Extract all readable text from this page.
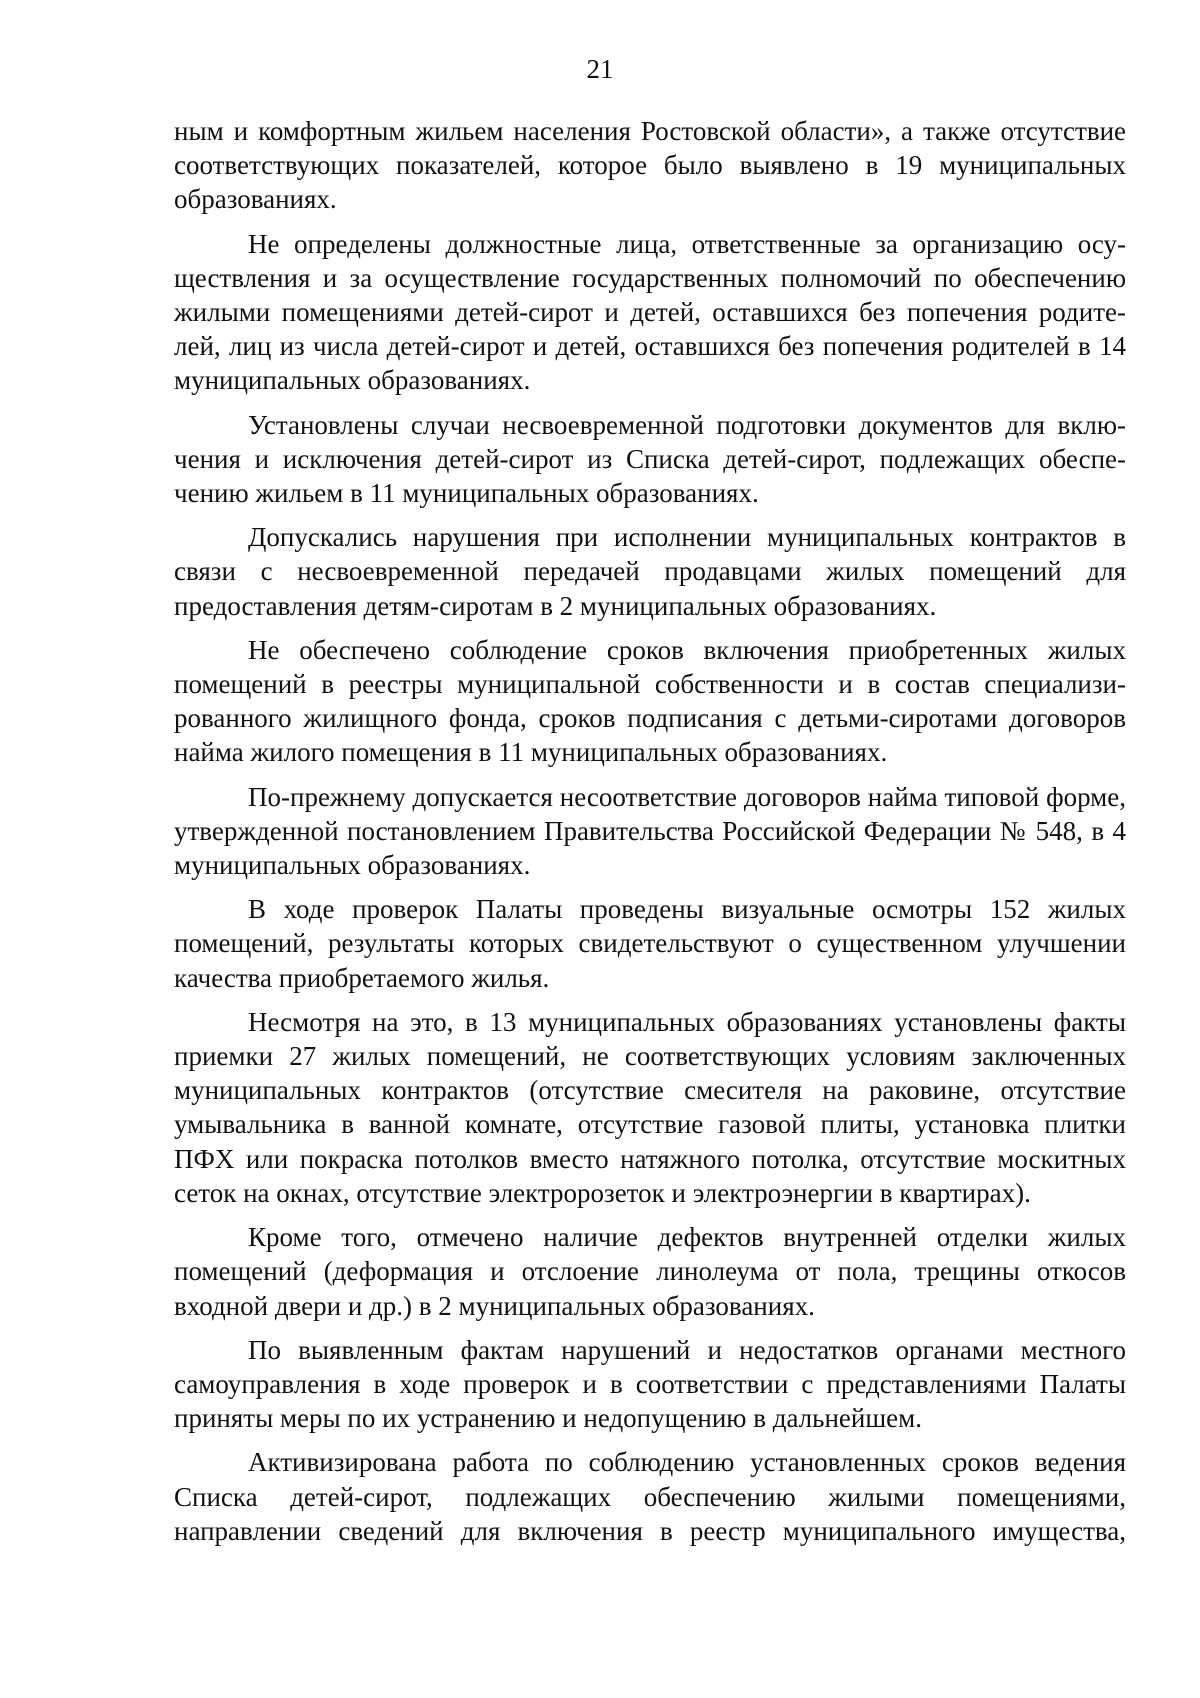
21

ным и комфортным жильем населения Ростовской области», а также отсутствие соответствующих показателей, которое было выявлено в 19 муниципальных образованиях.

Не определены должностные лица, ответственные за организацию осуществления и за осуществление государственных полномочий по обеспечению жилыми помещениями детей-сирот и детей, оставшихся без попечения родителей, лиц из числа детей-сирот и детей, оставшихся без попечения родителей в 14 муниципальных образованиях.

Установлены случаи несвоевременной подготовки документов для включения и исключения детей-сирот из Списка детей-сирот, подлежащих обеспечению жильем в 11 муниципальных образованиях.

Допускались нарушения при исполнении муниципальных контрактов в связи с несвоевременной передачей продавцами жилых помещений для предоставления детям-сиротам в 2 муниципальных образованиях.

Не обеспечено соблюдение сроков включения приобретенных жилых помещений в реестры муниципальной собственности и в состав специализированного жилищного фонда, сроков подписания с детьми-сиротами договоров найма жилого помещения в 11 муниципальных образованиях.

По-прежнему допускается несоответствие договоров найма типовой форме, утвержденной постановлением Правительства Российской Федерации № 548, в 4 муниципальных образованиях.

В ходе проверок Палаты проведены визуальные осмотры 152 жилых помещений, результаты которых свидетельствуют о существенном улучшении качества приобретаемого жилья.

Несмотря на это, в 13 муниципальных образованиях установлены факты приемки 27 жилых помещений, не соответствующих условиям заключенных муниципальных контрактов (отсутствие смесителя на раковине, отсутствие умывальника в ванной комнате, отсутствие газовой плиты, установка плитки ПФХ или покраска потолков вместо натяжного потолка, отсутствие москитных сеток на окнах, отсутствие электророзеток и электроэнергии в квартирах).

Кроме того, отмечено наличие дефектов внутренней отделки жилых помещений (деформация и отслоение линолеума от пола, трещины откосов входной двери и др.) в 2 муниципальных образованиях.

По выявленным фактам нарушений и недостатков органами местного самоуправления в ходе проверок и в соответствии с представлениями Палаты приняты меры по их устранению и недопущению в дальнейшем.

Активизирована работа по соблюдению установленных сроков ведения Списка детей-сирот, подлежащих обеспечению жилыми помещениями, направлении сведений для включения в реестр муниципального имущества,
